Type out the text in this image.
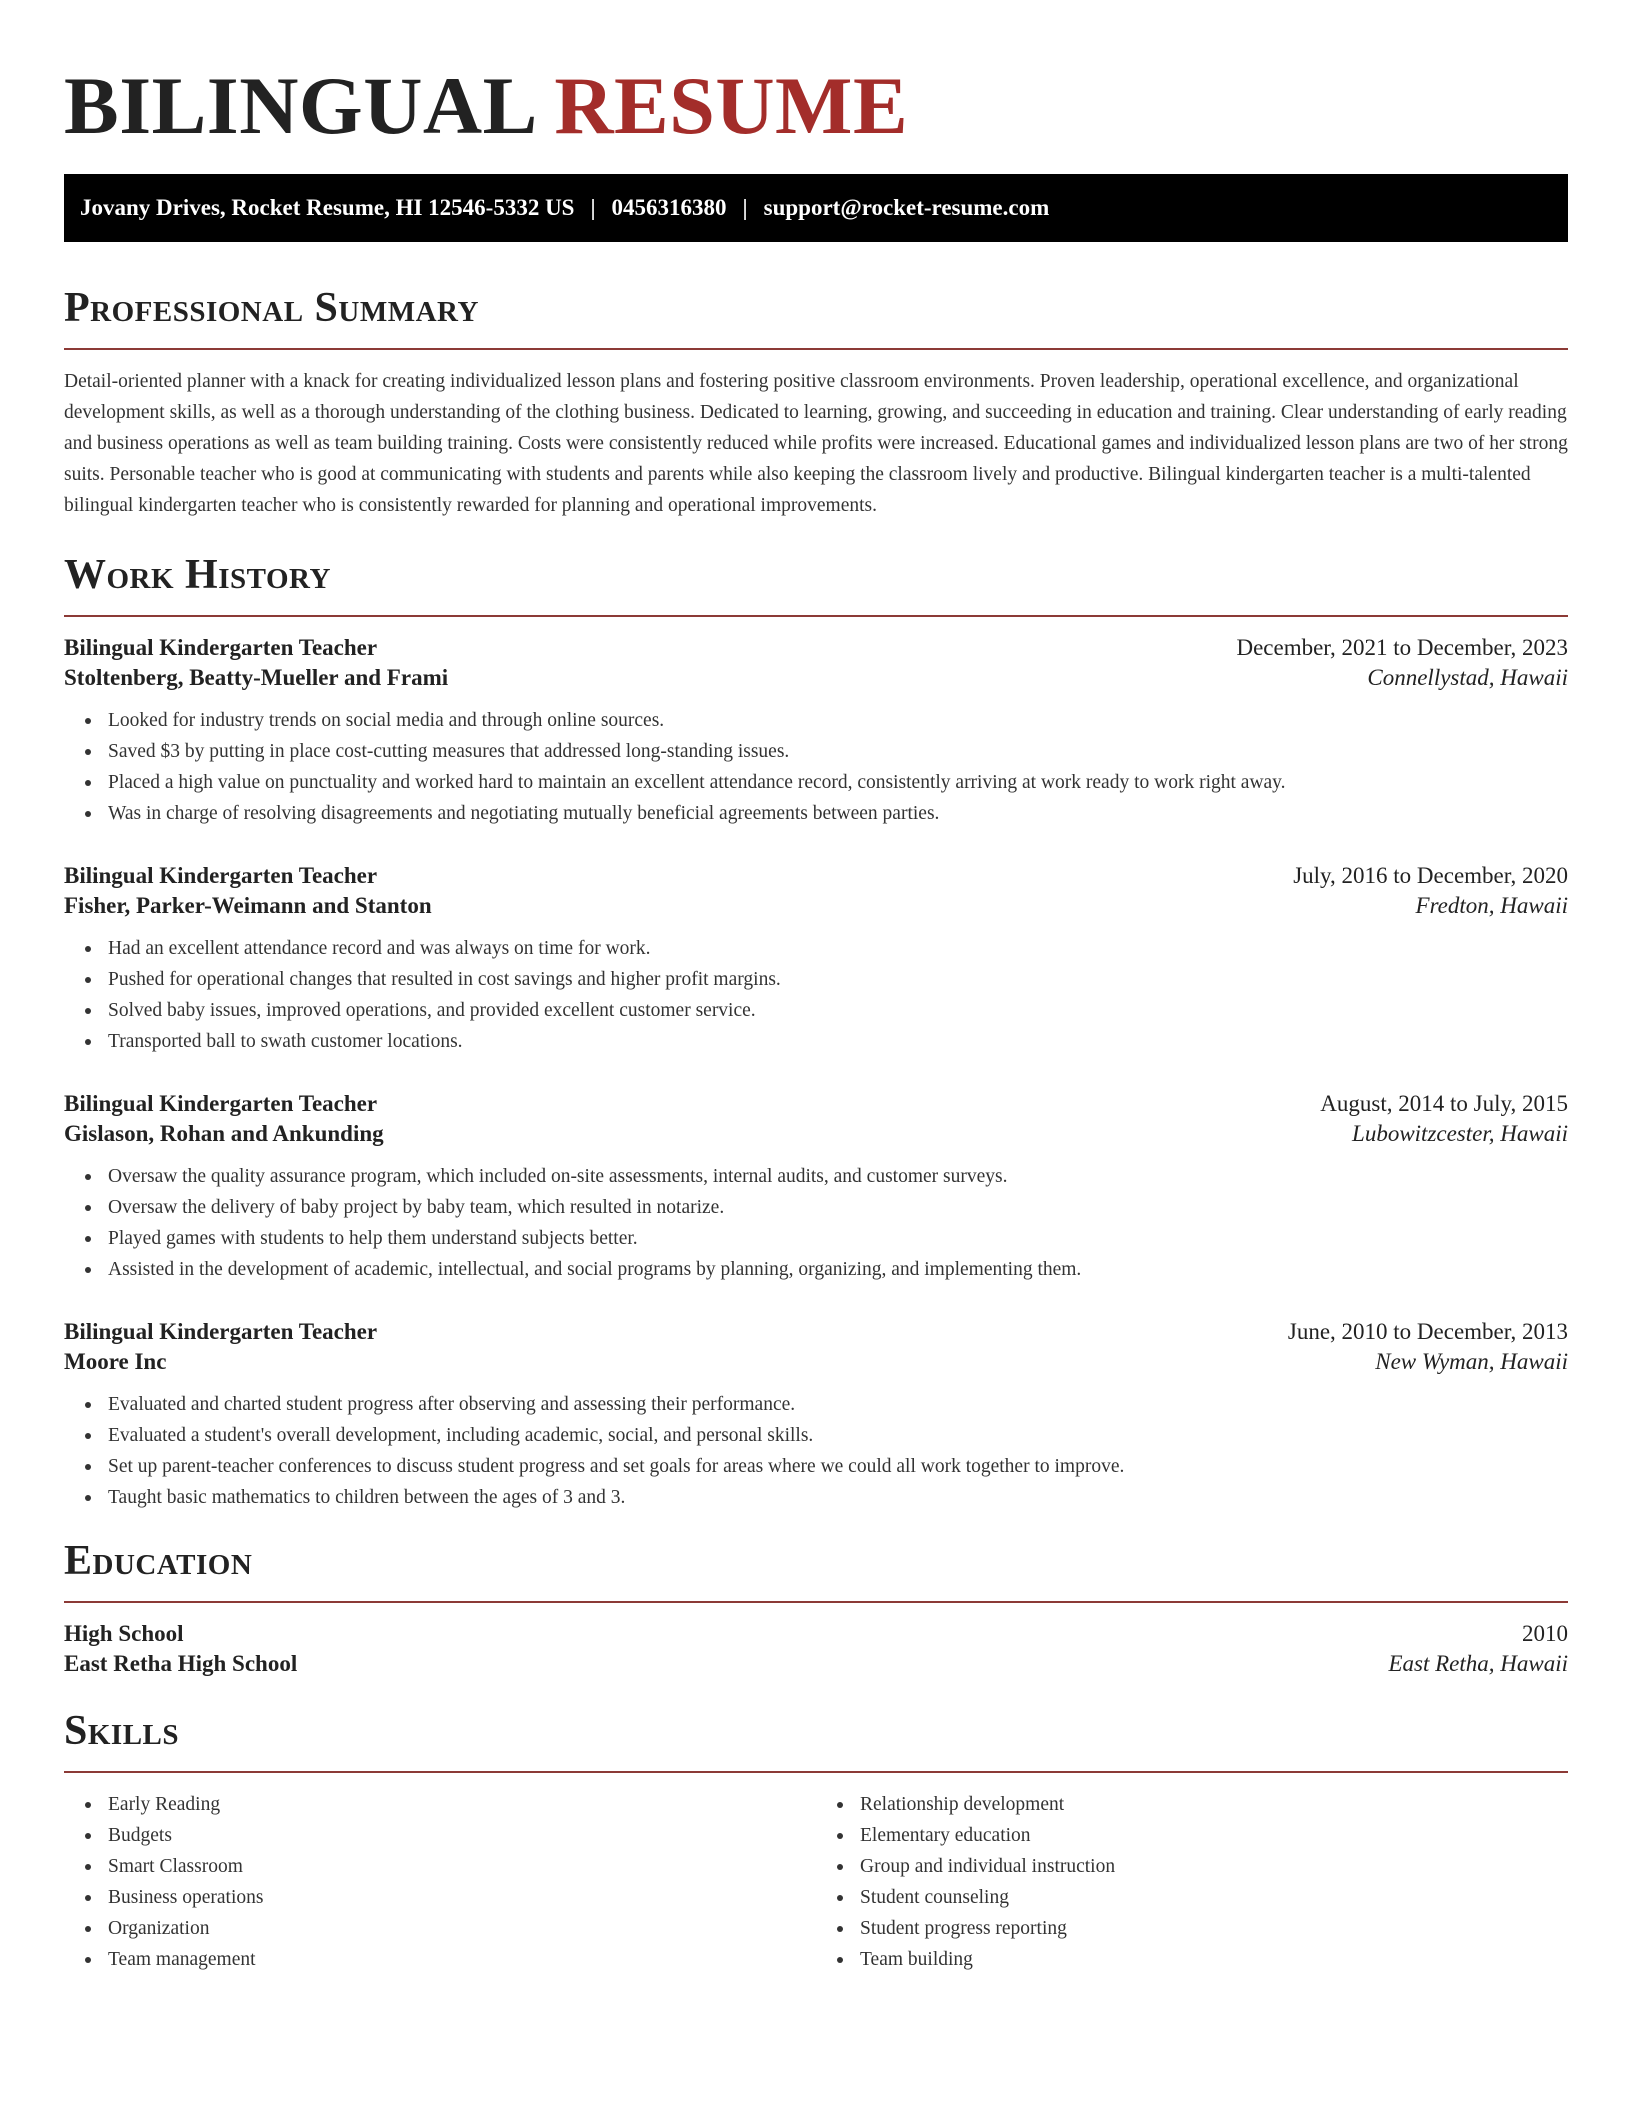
BILINGUAL RESUME
Jovany Drives, Rocket Resume, HI 12546-5332 US | 0456316380 | support@rocket-resume.com
Professional Summary

Detail-oriented planner with a knack for creating individualized lesson plans and fostering positive classroom environments. Proven leadership, operational excellence, and organizational development skills, as well as a thorough understanding of the clothing business. Dedicated to learning, growing, and succeeding in education and training. Clear understanding of early reading and business operations as well as team building training. Costs were consistently reduced while profits were increased. Educational games and individualized lesson plans are two of her strong suits. Personable teacher who is good at communicating with students and parents while also keeping the classroom lively and productive. Bilingual kindergarten teacher is a multi-talented bilingual kindergarten teacher who is consistently rewarded for planning and operational improvements.

Work History
Bilingual Kindergarten Teacher	December, 2021 to December, 2023
Stoltenberg, Beatty-Mueller and Frami	Connellystad, Hawaii
Looked for industry trends on social media and through online sources.
Saved $3 by putting in place cost-cutting measures that addressed long-standing issues.
Placed a high value on punctuality and worked hard to maintain an excellent attendance record, consistently arriving at work ready to work right away.
Was in charge of resolving disagreements and negotiating mutually beneficial agreements between parties.
Bilingual Kindergarten Teacher	July, 2016 to December, 2020
Fisher, Parker-Weimann and Stanton	Fredton, Hawaii
Had an excellent attendance record and was always on time for work.
Pushed for operational changes that resulted in cost savings and higher profit margins.
Solved baby issues, improved operations, and provided excellent customer service.
Transported ball to swath customer locations.
Bilingual Kindergarten Teacher	August, 2014 to July, 2015
Gislason, Rohan and Ankunding	Lubowitzcester, Hawaii
Oversaw the quality assurance program, which included on-site assessments, internal audits, and customer surveys.
Oversaw the delivery of baby project by baby team, which resulted in notarize.
Played games with students to help them understand subjects better.
Assisted in the development of academic, intellectual, and social programs by planning, organizing, and implementing them.
Bilingual Kindergarten Teacher	June, 2010 to December, 2013
Moore Inc	New Wyman, Hawaii
Evaluated and charted student progress after observing and assessing their performance.
Evaluated a student's overall development, including academic, social, and personal skills.
Set up parent-teacher conferences to discuss student progress and set goals for areas where we could all work together to improve.
Taught basic mathematics to children between the ages of 3 and 3.
Education
High School	2010
East Retha High School	East Retha, Hawaii
Skills
Early Reading
Budgets
Smart Classroom
Business operations
Organization
Team management
Relationship development
Elementary education
Group and individual instruction
Student counseling
Student progress reporting
Team building
